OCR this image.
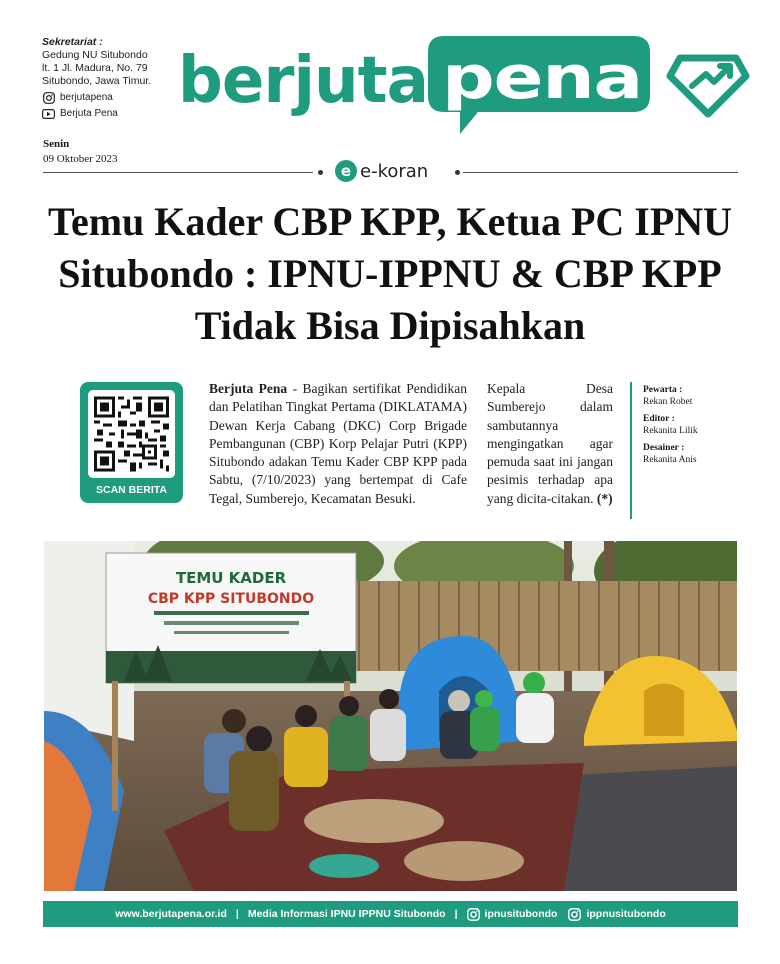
Sekretariat :
Gedung NU Situbondo
lt. 1 Jl. Madura, No. 79
Situbondo, Jawa Timur.
berjutapena
Berjuta Pena berjuta pena
Senin
09 Oktober 2023
e e-koran
Temu Kader CBP KPP, Ketua PC IPNU Situbondo : IPNU-IPPNU & CBP KPP Tidak Bisa Dipisahkan
SCAN BERITA
Berjuta Pena - Bagikan sertifikat Pendidikan dan Pelatihan Tingkat Pertama (DIKLATAMA) Dewan Kerja Cabang (DKC) Corp Brigade Pembangunan (CBP) Korp Pelajar Putri (KPP) Situbondo adakan Temu Kader CBP KPP pada Sabtu, (7/10/2023) yang bertempat di Cafe Tegal, Sumberejo, Kecamatan Besuki.
Kepala Desa Sumberejo dalam sambutannya mengingatkan agar pemuda saat ini jangan pesimis terhadap apa yang dicita-citakan. (*)
Pewarta :
Rekan Robet
Editor :
Rekanita Lilik
Desainer :
Rekanita Anis
TEMU KADER
CBP KPP SITUBONDO
www.berjutapena.or.id | Media Informasi IPNU IPPNU Situbondo |	ipnusitubondo	ippnusitubondo
